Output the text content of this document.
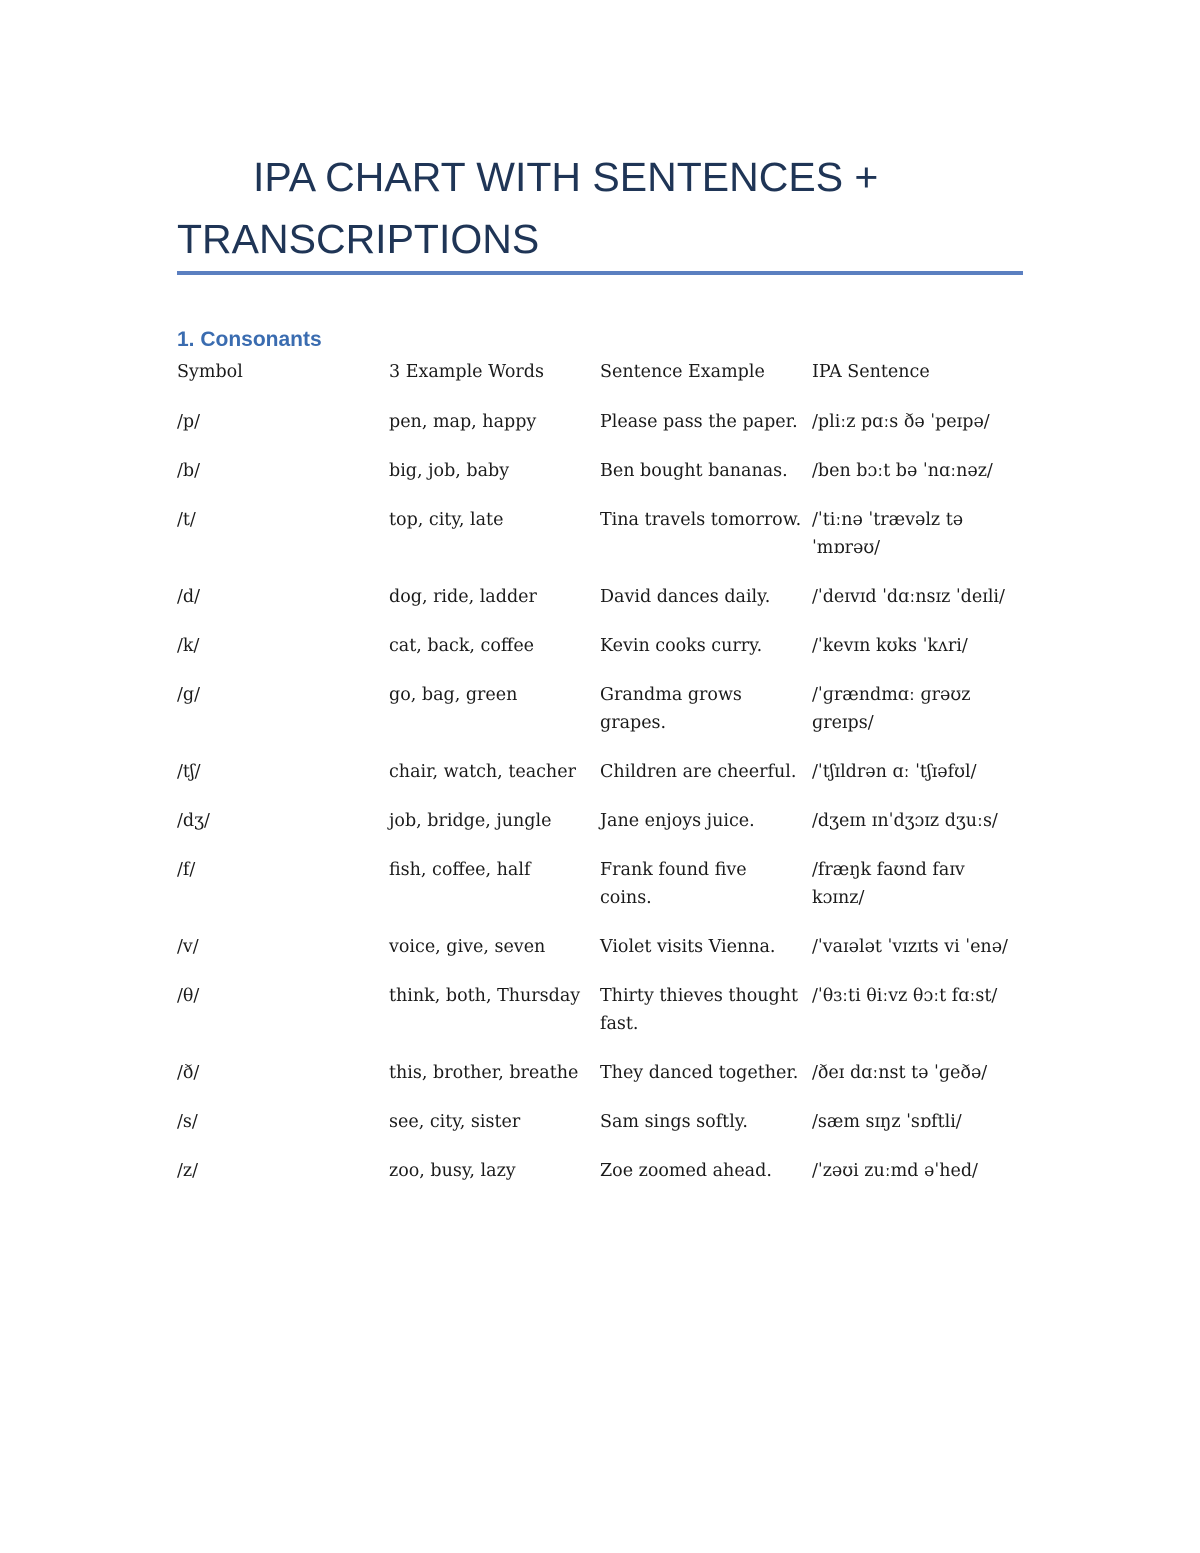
IPA CHART WITH SENTENCES +
TRANSCRIPTIONS
1. Consonants
Symbol	3 Example Words	Sentence Example	IPA Sentence
/p/	pen, map, happy	Please pass the paper.	/pliːz pɑːs ðə ˈpeɪpə/
/b/	big, job, baby	Ben bought bananas.	/ben bɔːt bə ˈnɑːnəz/
/t/	top, city, late	Tina travels tomorrow.	/ˈtiːnə ˈtrævəlz tə ˈmɒrəʊ/
/d/	dog, ride, ladder	David dances daily.	/ˈdeɪvɪd ˈdɑːnsɪz ˈdeɪli/
/k/	cat, back, coffee	Kevin cooks curry.	/ˈkevɪn kʊks ˈkʌri/
/g/	go, bag, green	Grandma grows grapes.	/ˈɡrændmɑː ɡrəʊz ɡreɪps/
/tʃ/	chair, watch, teacher	Children are cheerful.	/ˈtʃɪldrən ɑː ˈtʃɪəfʊl/
/dʒ/	job, bridge, jungle	Jane enjoys juice.	/dʒeɪn ɪnˈdʒɔɪz dʒuːs/
/f/	fish, coffee, half	Frank found five coins.	/fræŋk faʊnd faɪv kɔɪnz/
/v/	voice, give, seven	Violet visits Vienna.	/ˈvaɪələt ˈvɪzɪts vi ˈenə/
/θ/	think, both, Thursday	Thirty thieves thought fast.	/ˈθɜːti θiːvz θɔːt fɑːst/
/ð/	this, brother, breathe	They danced together.	/ðeɪ dɑːnst tə ˈɡeðə/
/s/	see, city, sister	Sam sings softly.	/sæm sɪŋz ˈsɒftli/
/z/	zoo, busy, lazy	Zoe zoomed ahead.	/ˈzəʊi zuːmd əˈhed/
